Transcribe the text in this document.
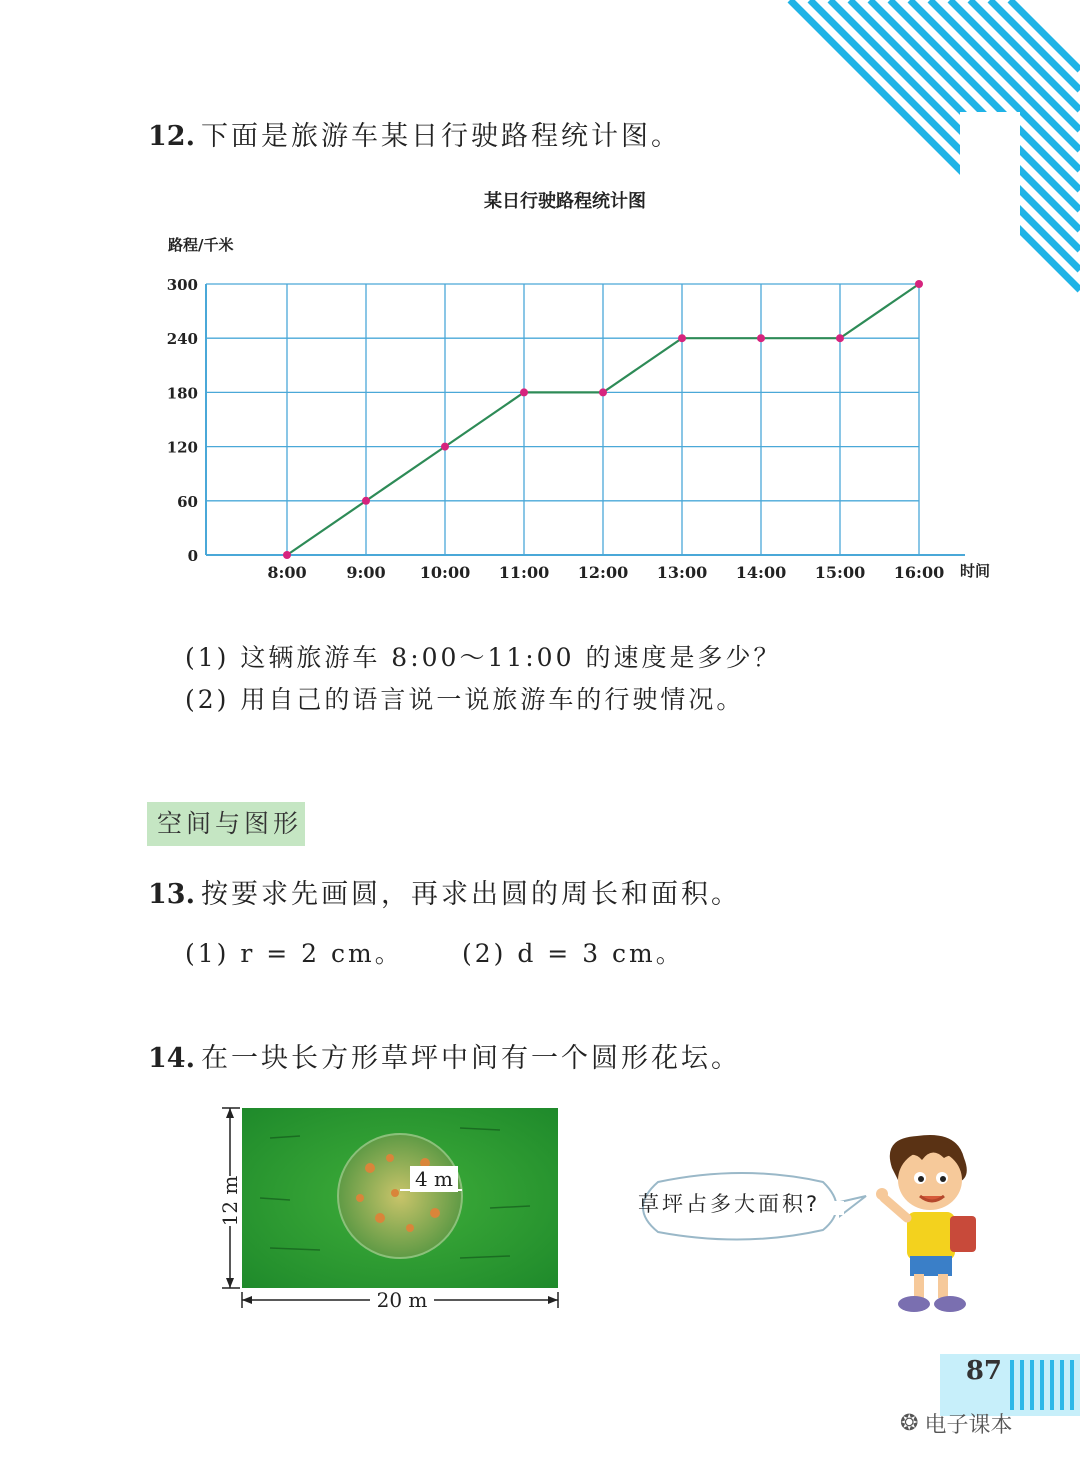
12. 下面是旅游车某日行驶路程统计图。
某日行驶路程统计图
路程/千米
时间
0
60
120
180
240
300
8:00 9:00 10:00 11:00 12:00 13:00 14:00 15:00 16:00
(1) 这辆旅游车 8:00～11:00 的速度是多少？
(2) 用自己的语言说一说旅游车的行驶情况。
空间与图形
13. 按要求先画圆，再求出圆的周长和面积。
(1) r = 2 cm。 (2) d = 3 cm。
14. 在一块长方形草坪中间有一个圆形花坛。
4 m
12 m
20 m
草坪占多大面积?
87
❂ 电子课本
